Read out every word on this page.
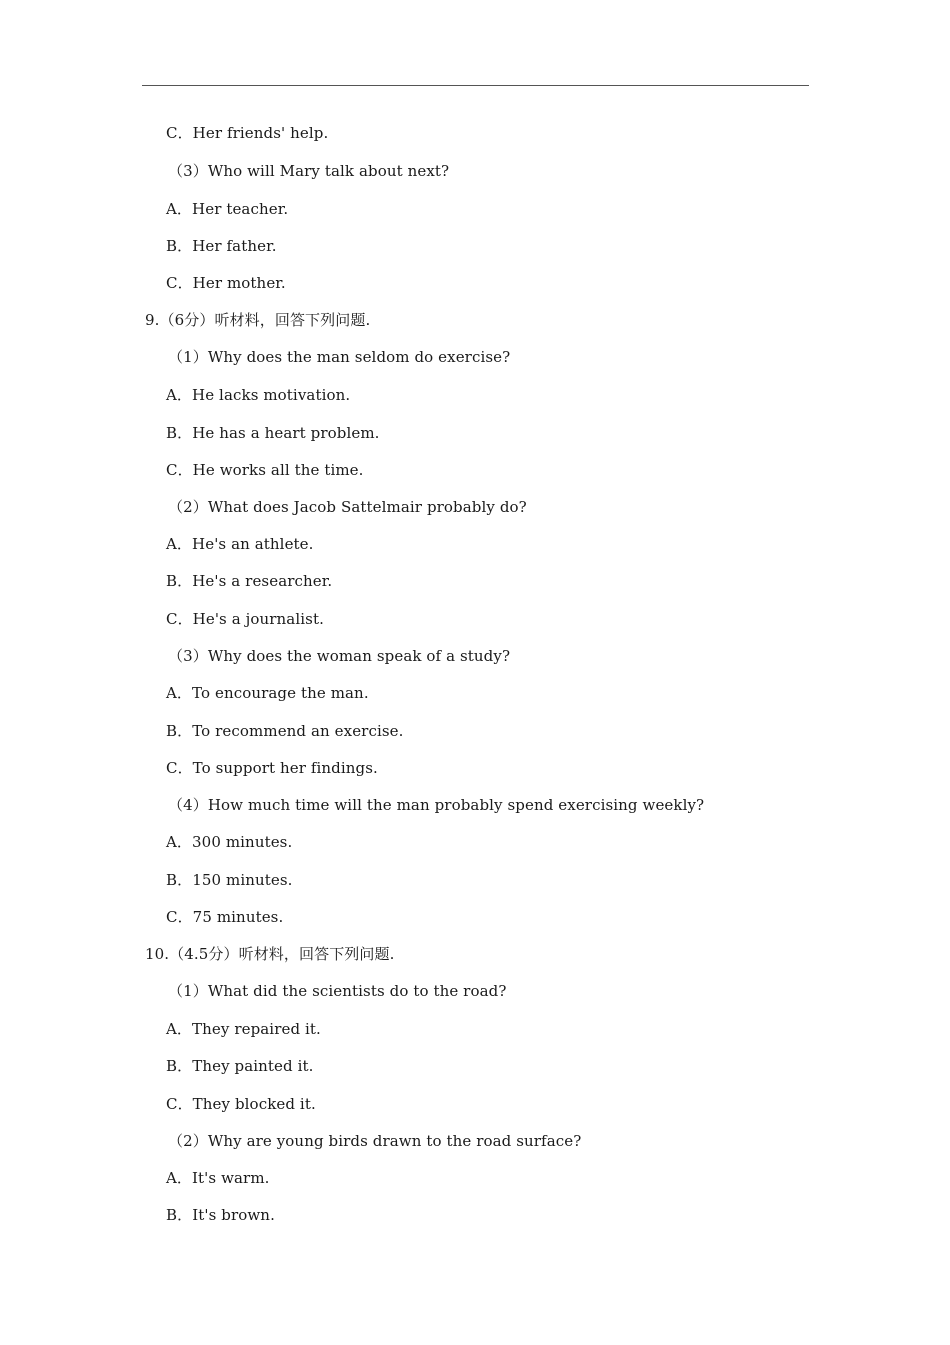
C．Her friends' help.
（3）Who will Mary talk about next?
A．Her teacher.
B．Her father.
C．Her mother.
9.（6分）听材料，回答下列问题.
（1）Why does the man seldom do exercise?
A．He lacks motivation.
B．He has a heart problem.
C．He works all the time.
（2）What does Jacob Sattelmair probably do?
A．He's an athlete.
B．He's a researcher.
C．He's a journalist.
（3）Why does the woman speak of a study?
A．To encourage the man.
B．To recommend an exercise.
C．To support her findings.
（4）How much time will the man probably spend exercising weekly?
A．300 minutes.
B．150 minutes.
C．75 minutes.
10.（4.5分）听材料，回答下列问题.
（1）What did the scientists do to the road?
A．They repaired it.
B．They painted it.
C．They blocked it.
（2）Why are young birds drawn to the road surface?
A．It's warm.
B．It's brown.
